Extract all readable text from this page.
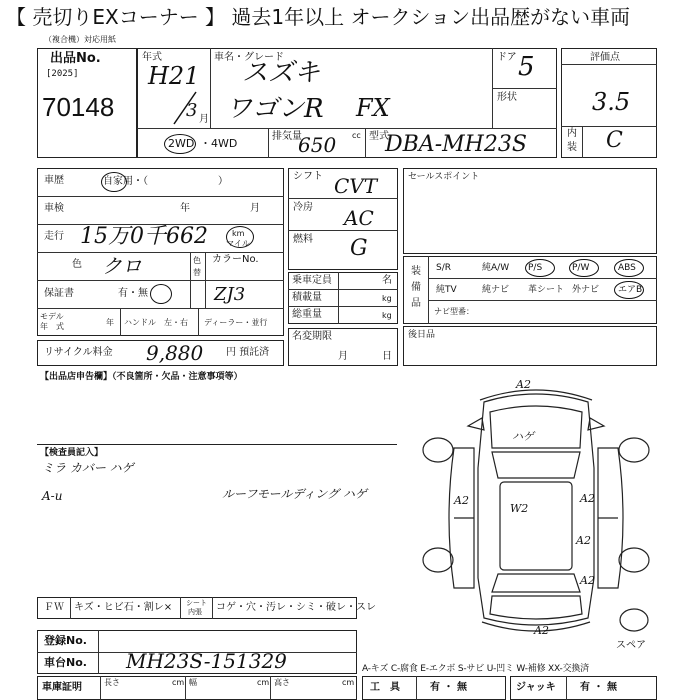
【 売切りEXコーナー 】 過去1年以上 オークション出品歴がない車両
（複合機）対応用紙
出品No.
[2025]
70148
年式
H21
3 月
車名・グレード
スズキ
ワゴンR FX
ドア 5
形状
2WD ・4WD
排気量
650 cc 型式
DBA-MH23S
評価点
3.5
内
装 C
車歴	自家用・（　　　　　　　）
車検	年	月
走行 15万0千662	km
マイル
色 クロ	色
替
カラーNo.
保証書	有・無	ZJ3
モデル
年　式	年 ハンドル　左・右 ディーラー・並行
リサイクル料金 9,880 円 預託済
シフト CVT
冷房 AC
燃料 G
乗車定員	名
積載量	kg
総重量	kg
名変期限
月	日
セールスポイント
装
備
品
S/R	純A/W P/S	P/W	ABS
純TV	純ナビ 革シート 外ナビ エアB
ナビ型番：
後日品
【出品店申告欄】（不良箇所・欠品・注意事項等）
【検査員記入】
ミラ カバー ハゲ
A-u	ルーフモールディング ハゲ
ＦＷ キズ・ヒビ石・割レ× シート
内張 コゲ・穴・汚レ・シミ・破レ・スレ
登録No.
車台No. MH23S-151329
車庫証明	長さ	cm 幅	cm 高さ	cm
A2
ハゲ
A2
W2
A2
A2
A2
A2
スペア
A-キズ C-腐食 E-エクボ S-サビ U-凹ミ W-補修 XX-交換済
工　具	有 ・ 無	ジャッキ 有 ・ 無
